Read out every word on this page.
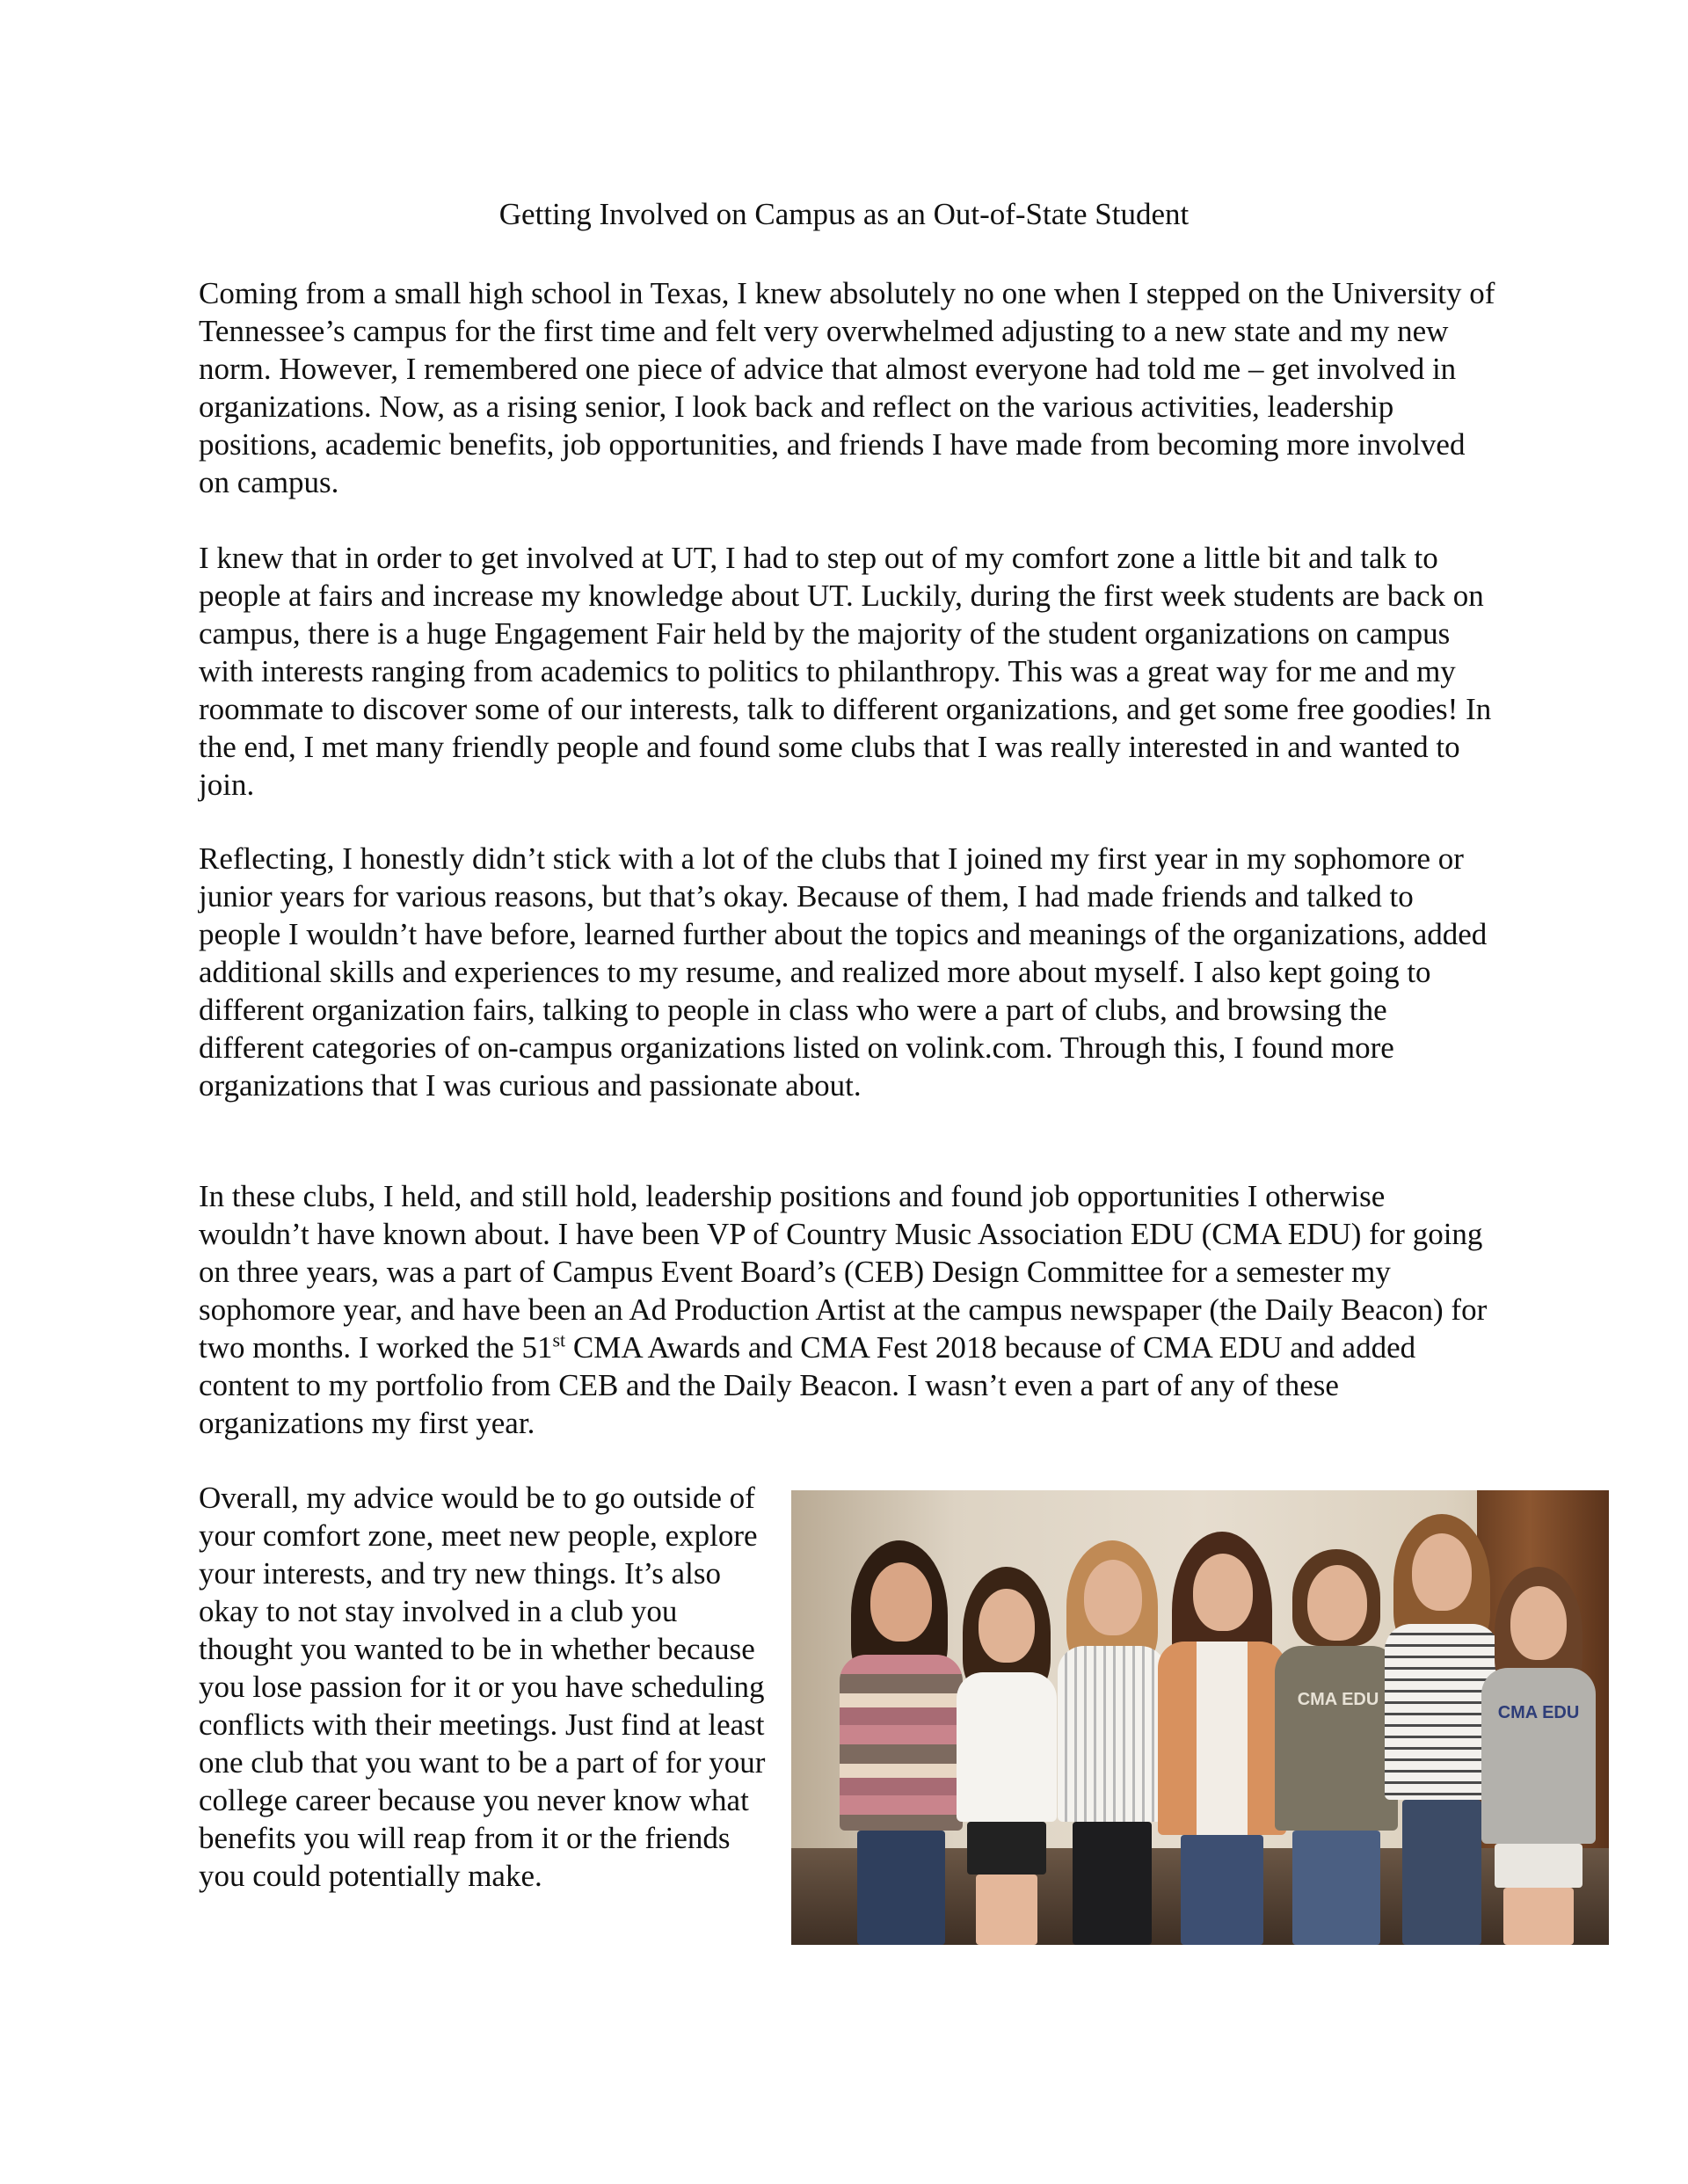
Getting Involved on Campus as an Out-of-State Student

Coming from a small high school in Texas, I knew absolutely no one when I stepped on the University of Tennessee’s campus for the first time and felt very overwhelmed adjusting to a new state and my new norm. However, I remembered one piece of advice that almost everyone had told me – get involved in organizations. Now, as a rising senior, I look back and reflect on the various activities, leadership positions, academic benefits, job opportunities, and friends I have made from becoming more involved on campus.

I knew that in order to get involved at UT, I had to step out of my comfort zone a little bit and talk to people at fairs and increase my knowledge about UT. Luckily, during the first week students are back on campus, there is a huge Engagement Fair held by the majority of the student organizations on campus with interests ranging from academics to politics to philanthropy. This was a great way for me and my roommate to discover some of our interests, talk to different organizations, and get some free goodies! In the end, I met many friendly people and found some clubs that I was really interested in and wanted to join.

Reflecting, I honestly didn’t stick with a lot of the clubs that I joined my first year in my sophomore or junior years for various reasons, but that’s okay. Because of them, I had made friends and talked to people I wouldn’t have before, learned further about the topics and meanings of the organizations, added additional skills and experiences to my resume, and realized more about myself. I also kept going to different organization fairs, talking to people in class who were a part of clubs, and browsing the different categories of on-campus organizations listed on volink.com. Through this, I found more organizations that I was curious and passionate about.

In these clubs, I held, and still hold, leadership positions and found job opportunities I otherwise wouldn’t have known about. I have been VP of Country Music Association EDU (CMA EDU) for going on three years, was a part of Campus Event Board’s (CEB) Design Committee for a semester my sophomore year, and have been an Ad Production Artist at the campus newspaper (the Daily Beacon) for two months. I worked the 51st CMA Awards and CMA Fest 2018 because of CMA EDU and added content to my portfolio from CEB and the Daily Beacon. I wasn’t even a part of any of these organizations my first year.

Overall, my advice would be to go outside of your comfort zone, meet new people, explore your interests, and try new things. It’s also okay to not stay involved in a club you thought you wanted to be in whether because you lose passion for it or you have scheduling conflicts with their meetings. Just find at least one club that you want to be a part of for your college career because you never know what benefits you will reap from it or the friends you could potentially make.

CMA EDU
CMA EDU
